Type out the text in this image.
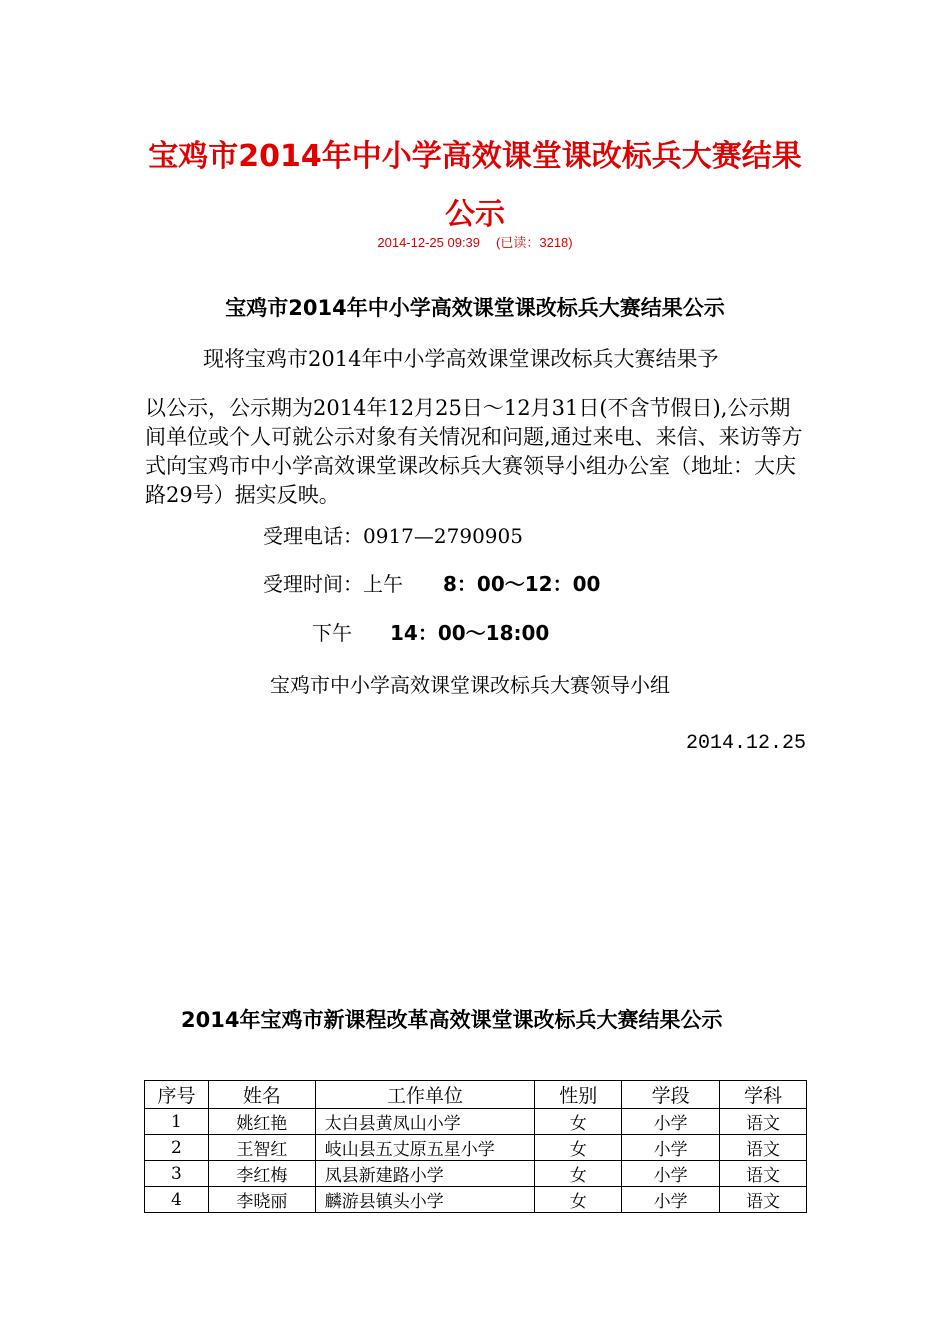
宝鸡市2014年中小学高效课堂课改标兵大赛结果公示
2014-12-25 09:39 (已读：3218)
宝鸡市2014年中小学高效课堂课改标兵大赛结果公示

现将宝鸡市2014年中小学高效课堂课改标兵大赛结果予

以公示，公示期为2014年12月25日～12月31日(不含节假日),公示期间单位或个人可就公示对象有关情况和问题,通过来电、来信、来访等方式向宝鸡市中小学高效课堂课改标兵大赛领导小组办公室（地址：大庆路29号）据实反映。

受理电话：0917—2790905
受理时间：上午 8：00～12：00
下午 14：00～18:00
宝鸡市中小学高效课堂课改标兵大赛领导小组
2014.12.25
2014年宝鸡市新课程改革高效课堂课改标兵大赛结果公示
序号	姓名	工作单位	性别	学段	学科
1	姚红艳	太白县黄凤山小学	女	小学	语文
2	王智红	岐山县五丈原五星小学	女	小学	语文
3	李红梅	凤县新建路小学	女	小学	语文
4	李晓丽	麟游县镇头小学	女	小学	语文
